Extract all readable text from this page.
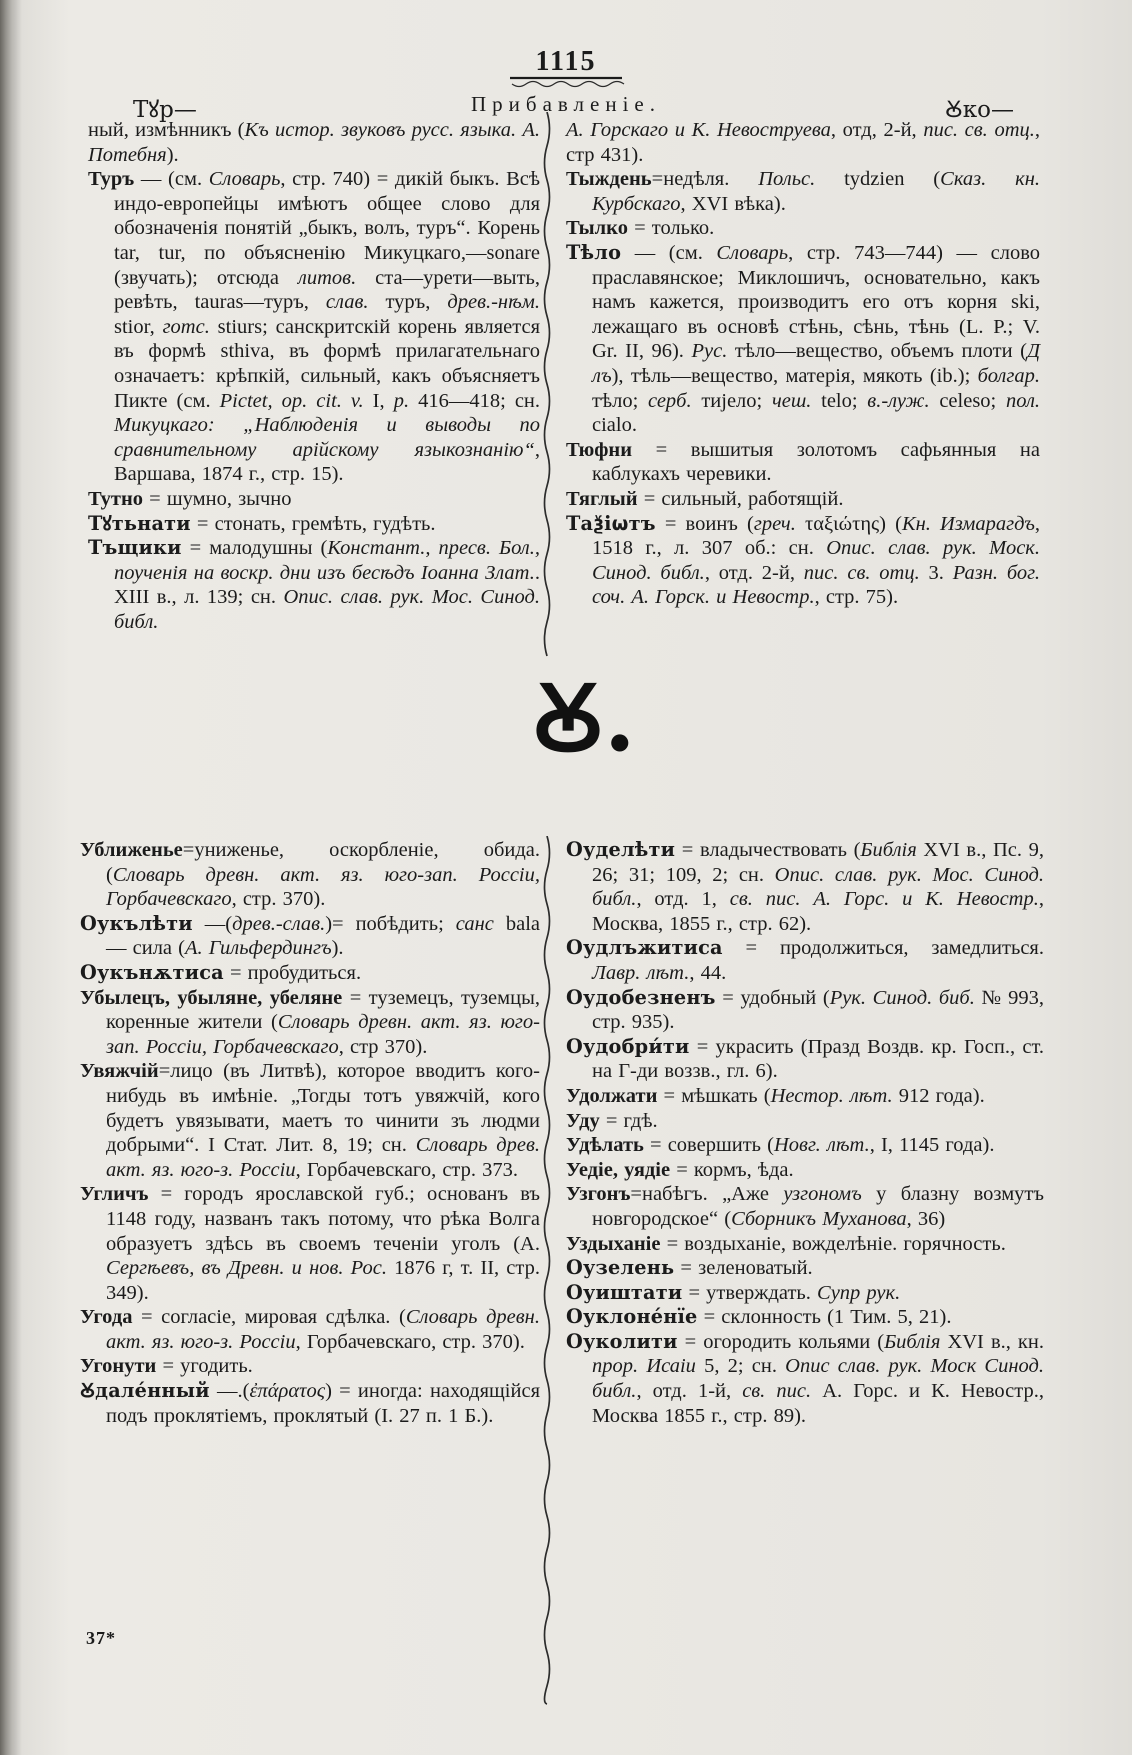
1115
Тꙋр—	Прибавленіе.	Ꙋко—

ный, измѣнникъ (Къ истор. звуковъ русс. языка. А. Потебня).

Туръ — (см. Словарь, стр. 740) = дикій быкъ. Всѣ индо-европейцы имѣютъ общее слово для обозначенія понятій „быкъ, волъ, туръ“. Корень tar, tur, по объясненію Микуцкаго,—sonare (звучать); отсюда литов. ста—урети—выть, ревѣть, tauras—туръ, слав. туръ, древ.-нѣм. stior, готс. stiurs; санскритскій корень является въ формѣ sthiva, въ формѣ прилагательнаго означаетъ: крѣпкій, сильный, какъ объясняетъ Пикте (см. Pictet, op. cit. v. I, p. 416—418; сн. Микуцкаго: „Наблюденія и выводы по сравнительному арійскому языкознанію“, Варшава, 1874 г., стр. 15).

Тутно = шумно, зычно

Тꙋтьнати = стонать, гремѣть, гудѣть.

Тъщики = малодушны (Констант., пресв. Бол., поученія на воскр. дни изъ бесѣдъ Іоанна Злат.. XIII в., л. 139; сн. Опис. слав. рук. Мос. Синод. библ.

А. Горскаго и К. Невоструева, отд, 2-й, пис. св. отц., стр 431).

Тыждень=недѣля. Польс. tydzien (Сказ. кн. Курбскаго, XVI вѣка).

Тылко = только.

Тѣло — (см. Словарь, стр. 743—744) — слово праславянское; Миклошичъ, основательно, какъ намъ кажется, производитъ его отъ корня ski, лежащаго въ основѣ стѣнь, сѣнь, тѣнь (L. P.; V. Gr. II, 96). Рус. тѣло—вещество, объемъ плоти (Д лъ), тѣль—вещество, матерія, мякоть (ib.); болгар. тѣло; серб. тијело; чеш. telo; в.-луж. celeso; пол. cialo.

Тюфни = вышитыя золотомъ сафьянныя на каблукахъ черевики.

Тяглый = сильный, работящій.

Таѯіѡтъ = воинъ (греч. ταξιώτης) (Кн. Измарагдъ, 1518 г., л. 307 об.: сн. Опис. слав. рук. Моск. Синод. библ., отд. 2-й, пис. св. отц. 3. Разн. бог. соч. А. Горск. и Невостр., стр. 75).

Ꙋ.

Уближенье=униженье, оскорбленіе, обида. (Словарь древн. акт. яз. юго-зап. Россіи, Горбачевскаго, стр. 370).

Оукълѣти —(древ.-слав.)= побѣдить; санс bala — сила (А. Гильфердингъ).

Оукънѫтиса = пробудиться.

Убылецъ, убыляне, убеляне = туземецъ, туземцы, коренные жители (Словарь древн. акт. яз. юго-зап. Россіи, Горбачевскаго, стр 370).

Увяжчій=лицо (въ Литвѣ), которое вводитъ кого-нибудь въ имѣніе. „Тогды тотъ увяжчій, кого будетъ увязывати, маетъ то чинити зъ людми добрыми“. I Стат. Лит. 8, 19; сн. Словарь древ. акт. яз. юго-з. Россіи, Горбачевскаго, стр. 373.

Угличъ = городъ ярославской губ.; основанъ въ 1148 году, названъ такъ потому, что рѣка Волга образуетъ здѣсь въ своемъ теченіи уголъ (А. Сергѣевъ, въ Древн. и нов. Рос. 1876 г, т. II, стр. 349).

Угода = согласіе, мировая сдѣлка. (Словарь древн. акт. яз. юго-з. Россіи, Горбачевскаго, стр. 370).

Угонути = угодить.

Ꙋдале́нный —.(ἐπάρατος) = иногда: находящійся подъ проклятіемъ, проклятый (I. 27 п. 1 Б.).

Оуделѣти = владычествовать (Библія XVI в., Пс. 9, 26; 31; 109, 2; сн. Опис. слав. рук. Мос. Синод. библ., отд. 1, св. пис. А. Горс. и К. Невостр., Москва, 1855 г., стр. 62).

Оудлъжитиса = продолжиться, замедлиться. Лавр. лѣт., 44.

Оудобезненъ = удобный (Рук. Синод. биб. № 993, стр. 935).

Оудобри́ти = украсить (Празд Воздв. кр. Госп., ст. на Г-ди воззв., гл. 6).

Удолжати = мѣшкать (Нестор. лѣт. 912 года).

Уду = гдѣ.

Удѣлать = совершить (Новг. лѣт., I, 1145 года).

Уедіе, уядіе = кормъ, ѣда.

Узгонъ=набѣгъ. „Аже узгономъ у блазну возмутъ новгородское“ (Сборникъ Муханова, 36)

Уздыханіе = воздыханіе, вожделѣніе. горячность.

Оузелень = зеленоватый.

Оуиштати = утверждать. Супр рук.

Оуклоне́нїе = склонность (1 Тим. 5, 21).

Оуколити = огородить кольями (Библія XVI в., кн. прор. Исаіи 5, 2; сн. Опис слав. рук. Моск Синод. библ., отд. 1-й, св. пис. А. Горс. и К. Невостр., Москва 1855 г., стр. 89).

37*
